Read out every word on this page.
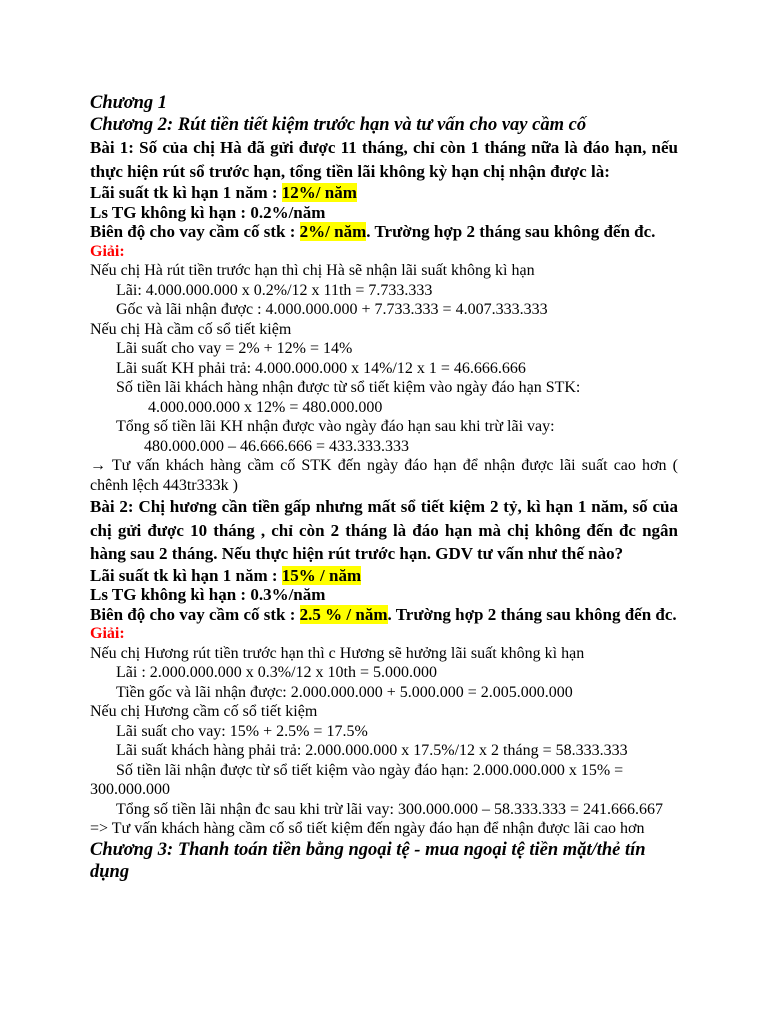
Chương 1
Chương 2: Rút tiền tiết kiệm trước hạn và tư vấn cho vay cầm cố
Bài 1: Số của chị Hà đã gửi được 11 tháng, chỉ còn 1 tháng nữa là đáo hạn, nếu thực hiện rút sổ trước hạn, tổng tiền lãi không kỳ hạn chị nhận được là:
Lãi suất tk kì hạn 1 năm : 12%/ năm
Ls TG không kì hạn : 0.2%/năm
Biên độ cho vay cầm cố stk : 2%/ năm. Trường hợp 2 tháng sau không đến đc.
Giải:
Nếu chị Hà rút tiền trước hạn thì chị Hà sẽ nhận lãi suất không kì hạn
Lãi: 4.000.000.000 x 0.2%/12 x 11th = 7.733.333
Gốc và lãi nhận được : 4.000.000.000 + 7.733.333 = 4.007.333.333
Nếu chị Hà cầm cố sổ tiết kiệm
Lãi suất cho vay = 2% + 12% = 14%
Lãi suất KH phải trả: 4.000.000.000 x 14%/12 x 1 = 46.666.666
Số tiền lãi khách hàng nhận được từ sổ tiết kiệm vào ngày đáo hạn STK:
4.000.000.000 x 12% = 480.000.000
Tổng số tiền lãi KH nhận được vào ngày đáo hạn sau khi trừ lãi vay:
480.000.000 – 46.666.666 = 433.333.333
→ Tư vấn khách hàng cầm cố STK đến ngày đáo hạn để nhận được lãi suất cao hơn ( chênh lệch 443tr333k )
Bài 2: Chị hương cần tiền gấp nhưng mất sổ tiết kiệm 2 tỷ, kì hạn 1 năm, số của chị gửi được 10 tháng , chỉ còn 2 tháng là đáo hạn mà chị không đến đc ngân hàng sau 2 tháng. Nếu thực hiện rút trước hạn. GDV tư vấn như thế nào?
Lãi suất tk kì hạn 1 năm : 15% / năm
Ls TG không kì hạn : 0.3%/năm
Biên độ cho vay cầm cố stk : 2.5 % / năm. Trường hợp 2 tháng sau không đến đc.
Giải:
Nếu chị Hương rút tiền trước hạn thì c Hương sẽ hưởng lãi suất không kì hạn
Lãi : 2.000.000.000 x 0.3%/12 x 10th = 5.000.000
Tiền gốc và lãi nhận được: 2.000.000.000 + 5.000.000 = 2.005.000.000
Nếu chị Hương cầm cố sổ tiết kiệm
Lãi suất cho vay: 15% + 2.5% = 17.5%
Lãi suất khách hàng phải trả: 2.000.000.000 x 17.5%/12 x 2 tháng = 58.333.333
Số tiền lãi nhận được từ sổ tiết kiệm vào ngày đáo hạn: 2.000.000.000 x 15% =
300.000.000
Tổng số tiền lãi nhận đc sau khi trừ lãi vay: 300.000.000 – 58.333.333 = 241.666.667
=> Tư vấn khách hàng cầm cố sổ tiết kiệm đến ngày đáo hạn để nhận được lãi cao hơn
Chương 3: Thanh toán tiền bằng ngoại tệ - mua ngoại tệ tiền mặt/thẻ tín dụng
